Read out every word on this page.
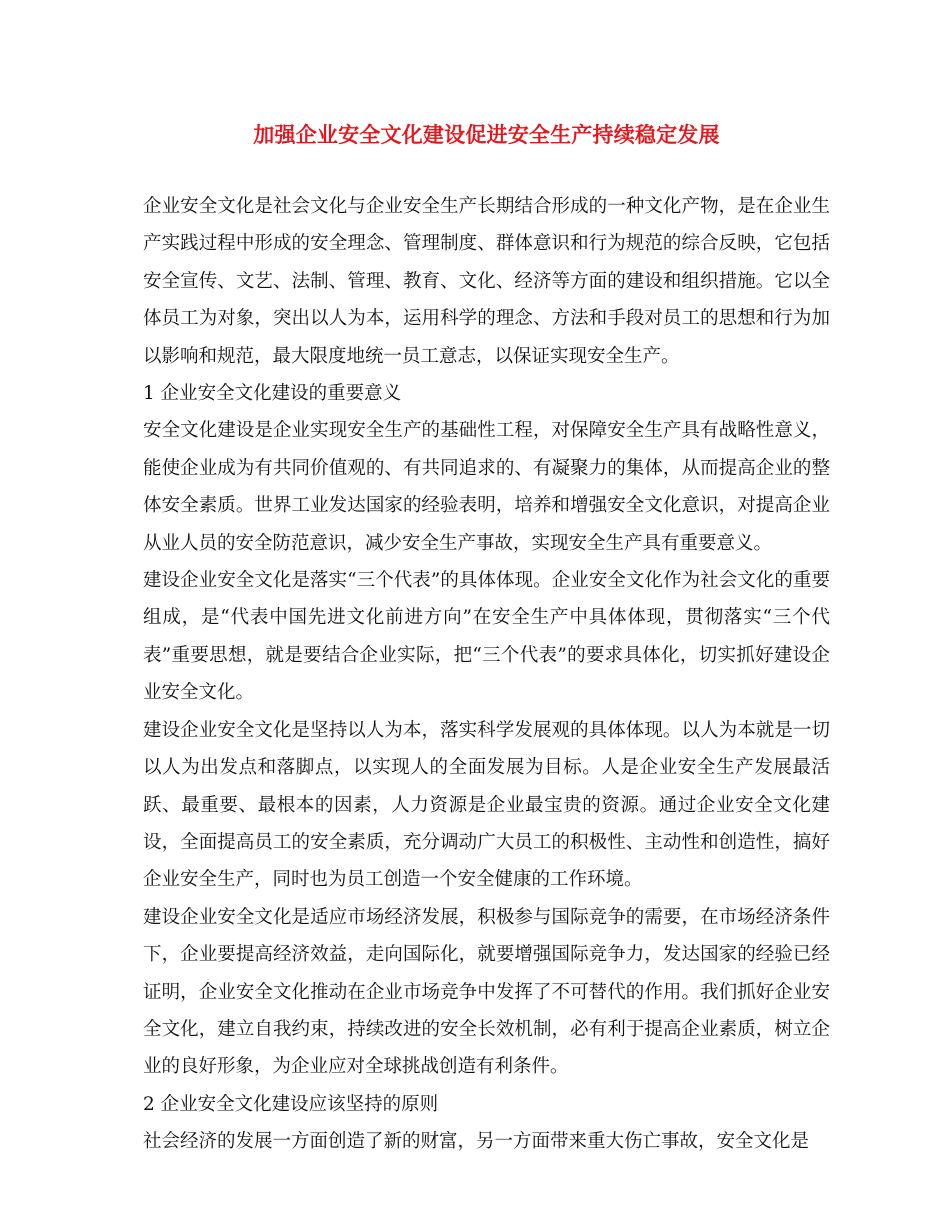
加强企业安全文化建设促进安全生产持续稳定发展

企业安全文化是社会文化与企业安全生产长期结合形成的一种文化产物，是在企业生产实践过程中形成的安全理念、管理制度、群体意识和行为规范的综合反映，它包括安全宣传、文艺、法制、管理、教育、文化、经济等方面的建设和组织措施。它以全体员工为对象，突出以人为本，运用科学的理念、方法和手段对员工的思想和行为加以影响和规范，最大限度地统一员工意志，以保证实现安全生产。

1 企业安全文化建设的重要意义

安全文化建设是企业实现安全生产的基础性工程，对保障安全生产具有战略性意义，能使企业成为有共同价值观的、有共同追求的、有凝聚力的集体，从而提高企业的整体安全素质。世界工业发达国家的经验表明，培养和增强安全文化意识，对提高企业从业人员的安全防范意识，减少安全生产事故，实现安全生产具有重要意义。

建设企业安全文化是落实“三个代表”的具体体现。企业安全文化作为社会文化的重要组成，是“代表中国先进文化前进方向”在安全生产中具体体现，贯彻落实“三个代表”重要思想，就是要结合企业实际，把“三个代表”的要求具体化，切实抓好建设企业安全文化。

建设企业安全文化是坚持以人为本，落实科学发展观的具体体现。以人为本就是一切以人为出发点和落脚点，以实现人的全面发展为目标。人是企业安全生产发展最活跃、最重要、最根本的因素，人力资源是企业最宝贵的资源。通过企业安全文化建设，全面提高员工的安全素质，充分调动广大员工的积极性、主动性和创造性，搞好企业安全生产，同时也为员工创造一个安全健康的工作环境。

建设企业安全文化是适应市场经济发展，积极参与国际竞争的需要，在市场经济条件下，企业要提高经济效益，走向国际化，就要增强国际竞争力，发达国家的经验已经证明，企业安全文化推动在企业市场竞争中发挥了不可替代的作用。我们抓好企业安全文化，建立自我约束，持续改进的安全长效机制，必有利于提高企业素质，树立企业的良好形象，为企业应对全球挑战创造有利条件。

2 企业安全文化建设应该坚持的原则

社会经济的发展一方面创造了新的财富，另一方面带来重大伤亡事故，安全文化是
